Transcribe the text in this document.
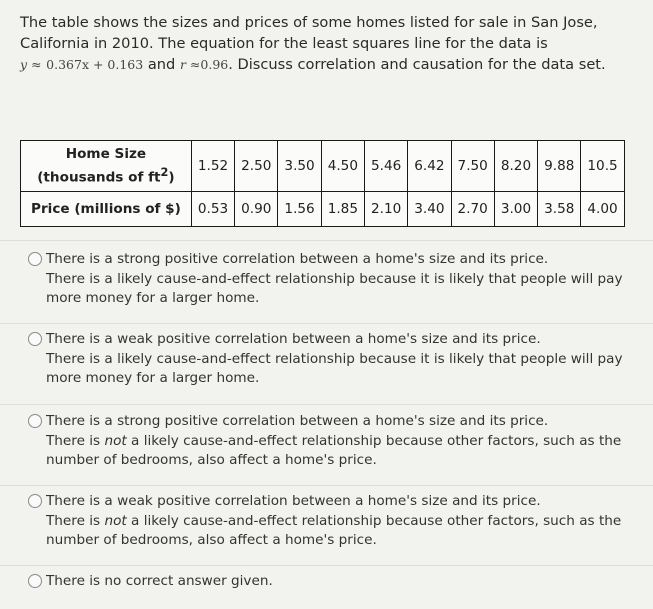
The table shows the sizes and prices of some homes listed for sale in San Jose,
California in 2010. The equation for the least squares line for the data is
y ≈ 0.367x + 0.163 and r ≈0.96. Discuss correlation and causation for the data set.
Home Size
(thousands of $ft^2$)	1.52	2.50	3.50	4.50	5.46	6.42	7.50	8.20	9.88	10.5
Price (millions of $)	0.53	0.90	1.56	1.85	2.10	3.40	2.70	3.00	3.58	4.00
There is a strong positive correlation between a home's size and its price.
There is a likely cause-and-effect relationship because it is likely that people will pay more money for a larger home.
There is a weak positive correlation between a home's size and its price.
There is a likely cause-and-effect relationship because it is likely that people will pay more money for a larger home.
There is a strong positive correlation between a home's size and its price.
There is not a likely cause-and-effect relationship because other factors, such as the number of bedrooms, also affect a home's price.
There is a weak positive correlation between a home's size and its price.
There is not a likely cause-and-effect relationship because other factors, such as the number of bedrooms, also affect a home's price.
There is no correct answer given.
